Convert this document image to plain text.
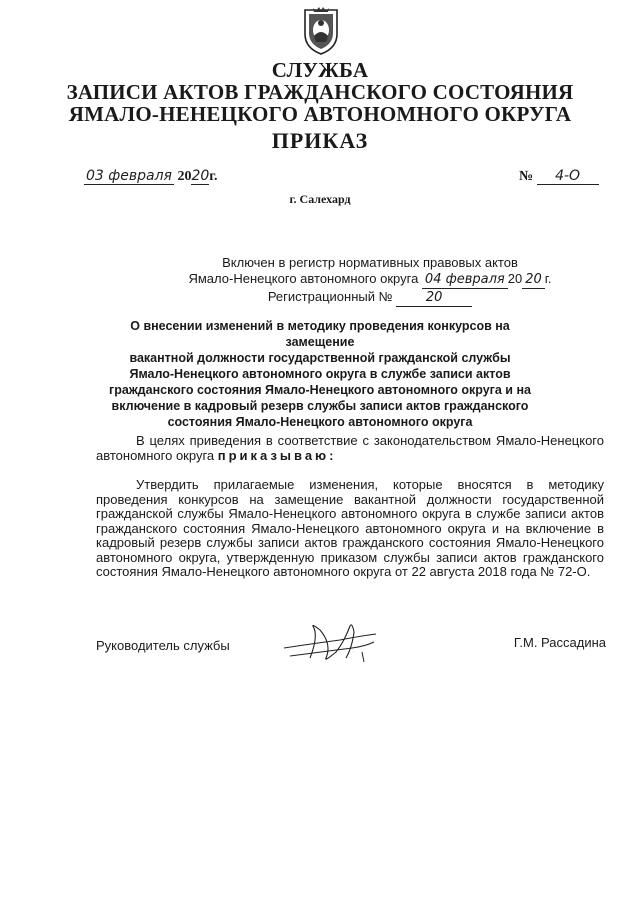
СЛУЖБА
ЗАПИСИ АКТОВ ГРАЖДАНСКОГО СОСТОЯНИЯ
ЯМАЛО-НЕНЕЦКОГО АВТОНОМНОГО ОКРУГА
ПРИКАЗ
03 февраля 2020г.	№ 4-О
г. Салехард
Включен в регистр нормативных правовых актов
Ямало-Ненецкого автономного округа 04 февраля 20 20 г.
Регистрационный №	20
О внесении изменений в методику проведения конкурсов на замещение
вакантной должности государственной гражданской службы
Ямало-Ненецкого автономного округа в службе записи актов
гражданского состояния Ямало-Ненецкого автономного округа и на
включение в кадровый резерв службы записи актов гражданского
состояния Ямало-Ненецкого автономного округа
В целях приведения в соответствие с законодательством Ямало-Ненецкого автономного округа приказываю:
Утвердить прилагаемые изменения, которые вносятся в методику проведения конкурсов на замещение вакантной должности государственной гражданской службы Ямало-Ненецкого автономного округа в службе записи актов гражданского состояния Ямало-Ненецкого автономного округа и на включение в кадровый резерв службы записи актов гражданского состояния Ямало-Ненецкого автономного округа, утвержденную приказом службы записи актов гражданского состояния Ямало-Ненецкого автономного округа от 22 августа 2018 года № 72-О.
Руководитель службы	Г.М. Рассадина
